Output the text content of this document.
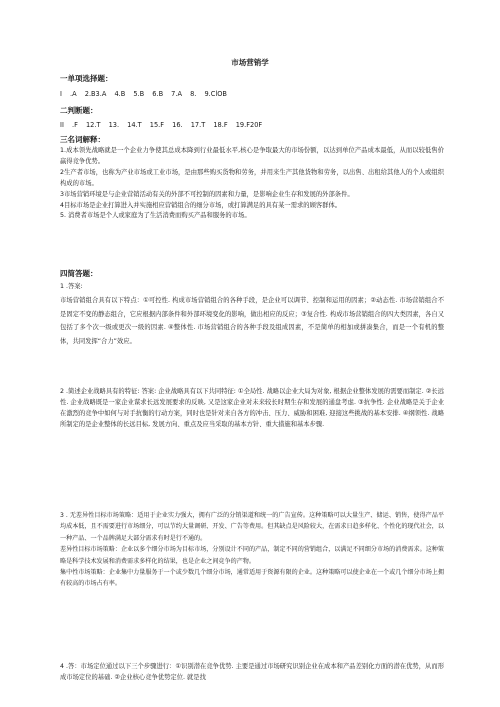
市场营销学
一单项选择题：
I .A 2.B3.A 4.B 5.B 6.B 7.A 8. 9.ClOB
二判断题：
II .F 12.T 13. 14.T 15.F 16. 17.T 18.F 19.F20F
三名词解释：

1.成本领先战略就是一个企业力争使其总成本降到行业最低水平,核心是争取最大的市场份额，以达到单位产品成本最低，从而以较低售价赢得竞争优势。

2生产者市场，也称为产业市场或工业市场，是由那些购买货物和劳务，并用来生产其他货物和劳务，以出售、出租给其他人的个人或组织构成的市场。

3市场营销环境是与企业营销活动有关的外部不可控制的因素和力量，是影响企业生存和发展的外部条件。

4目标市场是企业打算进入并实施相应营销组合的细分市场，或打算满足的具有某一需求的顾客群体。

5. 消费者市场是个人或家庭为了生活消费而购买产品和服务的市场。

四简答题：
1 .答案:
市场营销组合具有以下特点：①可控性. 构成市场营销组合的各种手段，是企业可以调节、控制和运用的因素；②动态性. 市场营销组合不是固定不变的静态组合，它应根据内部条件和外部环境变化的影响，做出相应的反应；③复合性. 构成市场营销组合的四大类因素，各自又包括了多个次一级或更次一级的因素. ④整体性. 市场营销组合的各种手段及组成因素，不是简单的相加或拼凑集合，而是一个有机的整体，共同发挥“合力”效应。

2 .简述企业战略具有的特征: 答案: 企业战略具有以下共同特征: ①全局性. 战略以企业大局为对象, 根据企业整体发展的需要而制定. ②长远性. 企业战略既是一家企业谋求长远发展要求的反映, 又是这家企业对未来较长时期生存和发展的通盘考虑. ③抗争性. 企业战略是关于企业在激烈的竞争中如何与对手抗衡的行动方案，同时也是针对来自各方的冲击、压力、威胁和困难, 迎接这些挑战的基本安排. ④纲领性. 战略所制定的是企业整体的长远目标, 发展方向、重点及应当采取的基本方针、重大措施和基本步骤.

3 . 无差异性目标市场策略：适用于企业实力强大，拥有广泛的分销渠道和统一的广告宣传。这种策略可以大量生产、储运、销售，使得产品平均成本低，且不需要进行市场细分，可以节约大量调研、开发、广告等费用。但其缺点是风险较大，在需求日趋多样化、个性化的现代社会，以一种产品、一个品牌满足大部分需求有时是行不通的。

差异性目标市场策略：企业以多个细分市场为目标市场，分别设计不同的产品，制定不同的营销组合，以满足不同细分市场的消费需求。这种策略是科学技术发展和消费需求多样化的结果，也是企业之间竞争的产物。

集中性市场策略：企业集中力量服务于一个或少数几个细分市场，通常适用于资源有限的企业。这种策略可以使企业在一个或几个细分市场上拥有较高的市场占有率。

4 .答：市场定位通过以下三个步骤进行：①识别潜在竞争优势. 主要是通过市场研究识别企业在成本和产品差别化方面的潜在优势，从而形成市场定位的基础. ②企业核心竞争优势定位. 就是找
